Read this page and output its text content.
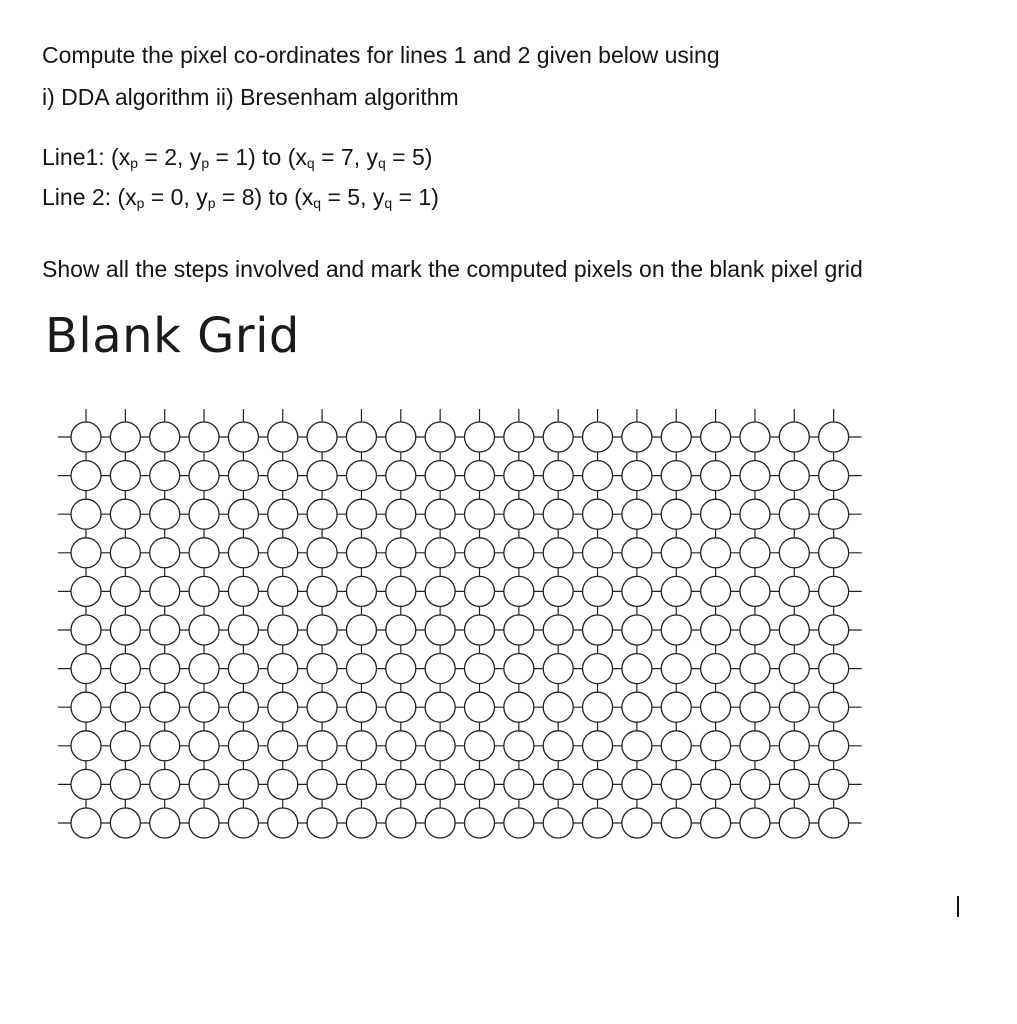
Compute the pixel co-ordinates for lines 1 and 2 given below using
i) DDA algorithm ii) Bresenham algorithm
Line1: ($x_p = 2$, $y_p = 1$) to ($x_q = 7$, $y_q = 5$)
Line 2: ($x_p = 0$, $y_p = 8$) to ($x_q = 5$, $y_q = 1$)
Show all the steps involved and mark the computed pixels on the blank pixel grid
Blank Grid
